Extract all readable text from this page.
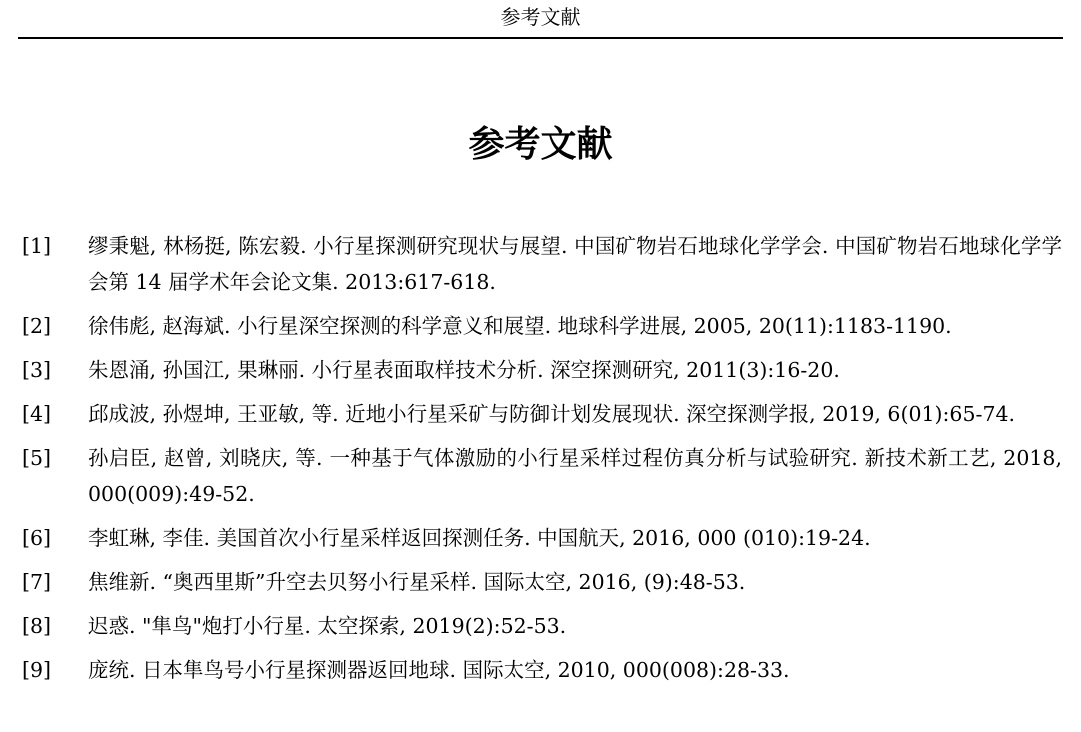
参考文献
参考文献
[1]	缪秉魁, 林杨挺, 陈宏毅. 小行星探测研究现状与展望. 中国矿物岩石地球化学学会. 中国矿物岩石地球化学学会第 14 届学术年会论文集. 2013:617-618.
[2]	徐伟彪, 赵海斌. 小行星深空探测的科学意义和展望. 地球科学进展, 2005, 20(11):1183-1190.
[3]	朱恩涌, 孙国江, 果琳丽. 小行星表面取样技术分析. 深空探测研究, 2011(3):16-20.
[4]	邱成波, 孙煜坤, 王亚敏, 等. 近地小行星采矿与防御计划发展现状. 深空探测学报, 2019, 6(01):65-74.
[5]	孙启臣, 赵曾, 刘晓庆, 等. 一种基于气体激励的小行星采样过程仿真分析与试验研究. 新技术新工艺, 2018, 000(009):49-52.
[6]	李虹琳, 李佳. 美国首次小行星采样返回探测任务. 中国航天, 2016, 000 (010):19-24.
[7]	焦维新. “奥西里斯”升空去贝努小行星采样. 国际太空, 2016, (9):48-53.
[8]	迟惑. "隼鸟"炮打小行星. 太空探索, 2019(2):52-53.
[9]	庞统. 日本隼鸟号小行星探测器返回地球. 国际太空, 2010, 000(008):28-33.
